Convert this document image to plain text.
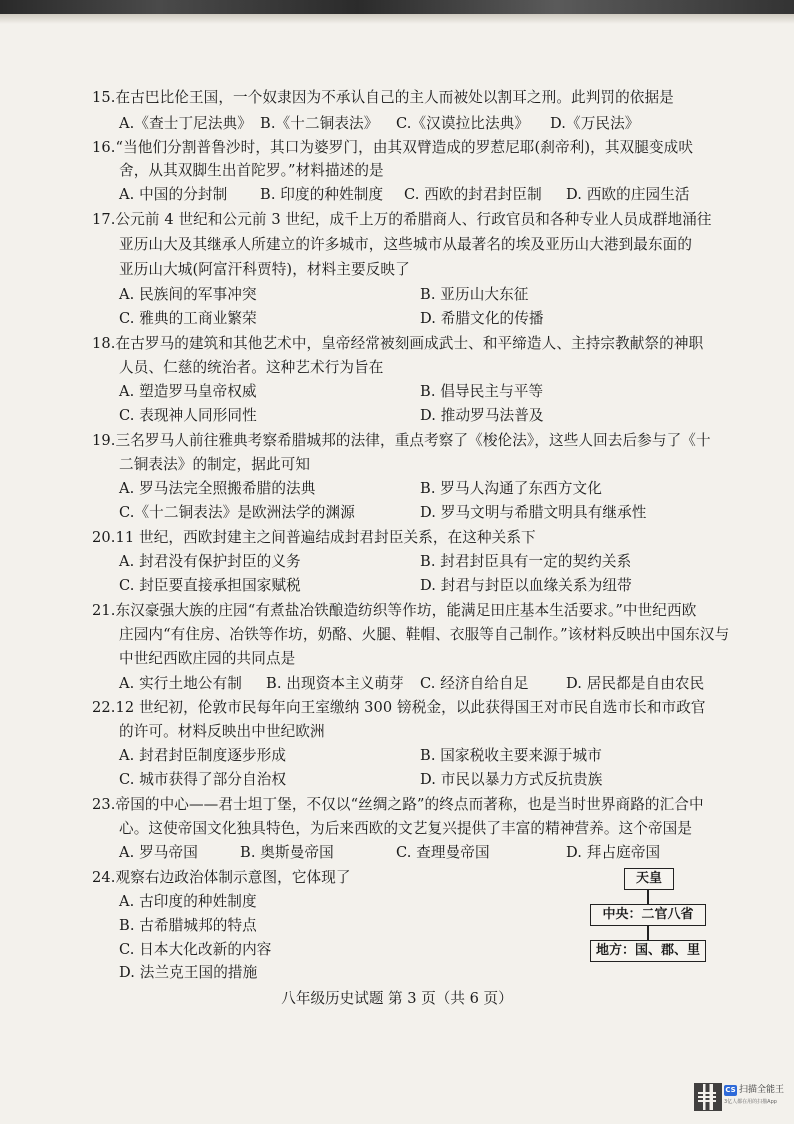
15.在古巴比伦王国，一个奴隶因为不承认自己的主人而被处以割耳之刑。此判罚的依据是
A.《查士丁尼法典》 B.《十二铜表法》 C.《汉谟拉比法典》 D.《万民法》
16.“当他们分割普鲁沙时，其口为婆罗门，由其双臂造成的罗惹尼耶(刹帝利)，其双腿变成吠
舍，从其双脚生出首陀罗。”材料描述的是
A. 中国的分封制 B. 印度的种姓制度 C. 西欧的封君封臣制 D. 西欧的庄园生活
17.公元前 4 世纪和公元前 3 世纪，成千上万的希腊商人、行政官员和各种专业人员成群地涌往
亚历山大及其继承人所建立的许多城市，这些城市从最著名的埃及亚历山大港到最东面的
亚历山大城(阿富汗科贾特)，材料主要反映了
A. 民族间的军事冲突	B. 亚历山大东征
C. 雅典的工商业繁荣	D. 希腊文化的传播
18.在古罗马的建筑和其他艺术中，皇帝经常被刻画成武士、和平缔造人、主持宗教献祭的神职
人员、仁慈的统治者。这种艺术行为旨在
A. 塑造罗马皇帝权威	B. 倡导民主与平等
C. 表现神人同形同性	D. 推动罗马法普及
19.三名罗马人前往雅典考察希腊城邦的法律，重点考察了《梭伦法》，这些人回去后参与了《十
二铜表法》的制定，据此可知
A. 罗马法完全照搬希腊的法典	B. 罗马人沟通了东西方文化
C.《十二铜表法》是欧洲法学的渊源	D. 罗马文明与希腊文明具有继承性
20.11 世纪，西欧封建主之间普遍结成封君封臣关系，在这种关系下
A. 封君没有保护封臣的义务	B. 封君封臣具有一定的契约关系
C. 封臣要直接承担国家赋税	D. 封君与封臣以血缘关系为纽带
21.东汉豪强大族的庄园“有煮盐冶铁酿造纺织等作坊，能满足田庄基本生活要求。”中世纪西欧
庄园内“有住房、冶铁等作坊，奶酪、火腿、鞋帽、衣服等自己制作。”该材料反映出中国东汉与
中世纪西欧庄园的共同点是
A. 实行土地公有制 B. 出现资本主义萌芽 C. 经济自给自足	D. 居民都是自由农民
22.12 世纪初，伦敦市民每年向王室缴纳 300 镑税金，以此获得国王对市民自选市长和市政官
的许可。材料反映出中世纪欧洲
A. 封君封臣制度逐步形成	B. 国家税收主要来源于城市
C. 城市获得了部分自治权	D. 市民以暴力方式反抗贵族
23.帝国的中心——君士坦丁堡，不仅以“丝绸之路”的终点而著称，也是当时世界商路的汇合中
心。这使帝国文化独具特色，为后来西欧的文艺复兴提供了丰富的精神营养。这个帝国是
A. 罗马帝国	B. 奥斯曼帝国	C. 查理曼帝国	D. 拜占庭帝国
24.观察右边政治体制示意图，它体现了
A. 古印度的种姓制度
B. 古希腊城邦的特点
C. 日本大化改新的内容
D. 法兰克王国的措施
天皇
中央：二官八省
地方：国、郡、里
八年级历史试题 第 3 页（共 6 页）
CS 扫描全能王
3亿人都在用的扫描App
